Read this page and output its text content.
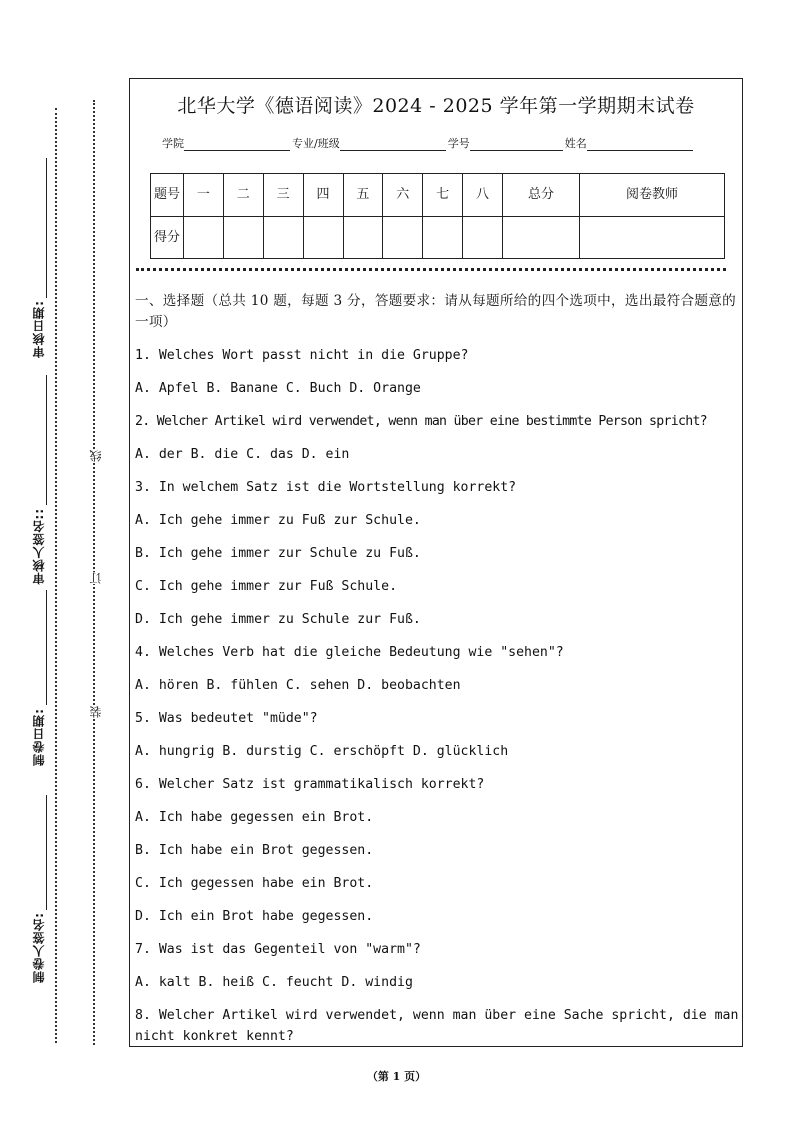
审核日期:
审核人签名::
制卷日期:
制卷人签名:
线
订
装
北华大学《德语阅读》2024 - 2025 学年第一学期期末试卷
学院	专业/班级	学号	姓名
题号	一	二	三	四	五	六	七	八	总分	阅卷教师
得分										
一、选择题（总共 10 题，每题 3 分，答题要求：请从每题所给的四个选项中，选出最符合题意的一项）
1. Welches Wort passt nicht in die Gruppe?
A. Apfel B. Banane C. Buch D. Orange
2. Welcher Artikel wird verwendet, wenn man über eine bestimmte Person spricht?
A. der B. die C. das D. ein
3. In welchem Satz ist die Wortstellung korrekt?
A. Ich gehe immer zu Fuß zur Schule.
B. Ich gehe immer zur Schule zu Fuß.
C. Ich gehe immer zur Fuß Schule.
D. Ich gehe immer zu Schule zur Fuß.
4. Welches Verb hat die gleiche Bedeutung wie "sehen"?
A. hören B. fühlen C. sehen D. beobachten
5. Was bedeutet "müde"?
A. hungrig B. durstig C. erschöpft D. glücklich
6. Welcher Satz ist grammatikalisch korrekt?
A. Ich habe gegessen ein Brot.
B. Ich habe ein Brot gegessen.
C. Ich gegessen habe ein Brot.
D. Ich ein Brot habe gegessen.
7. Was ist das Gegenteil von "warm"?
A. kalt B. heiß C. feucht D. windig
8. Welcher Artikel wird verwendet, wenn man über eine Sache spricht, die man nicht konkret kennt?
（第 1 页）
